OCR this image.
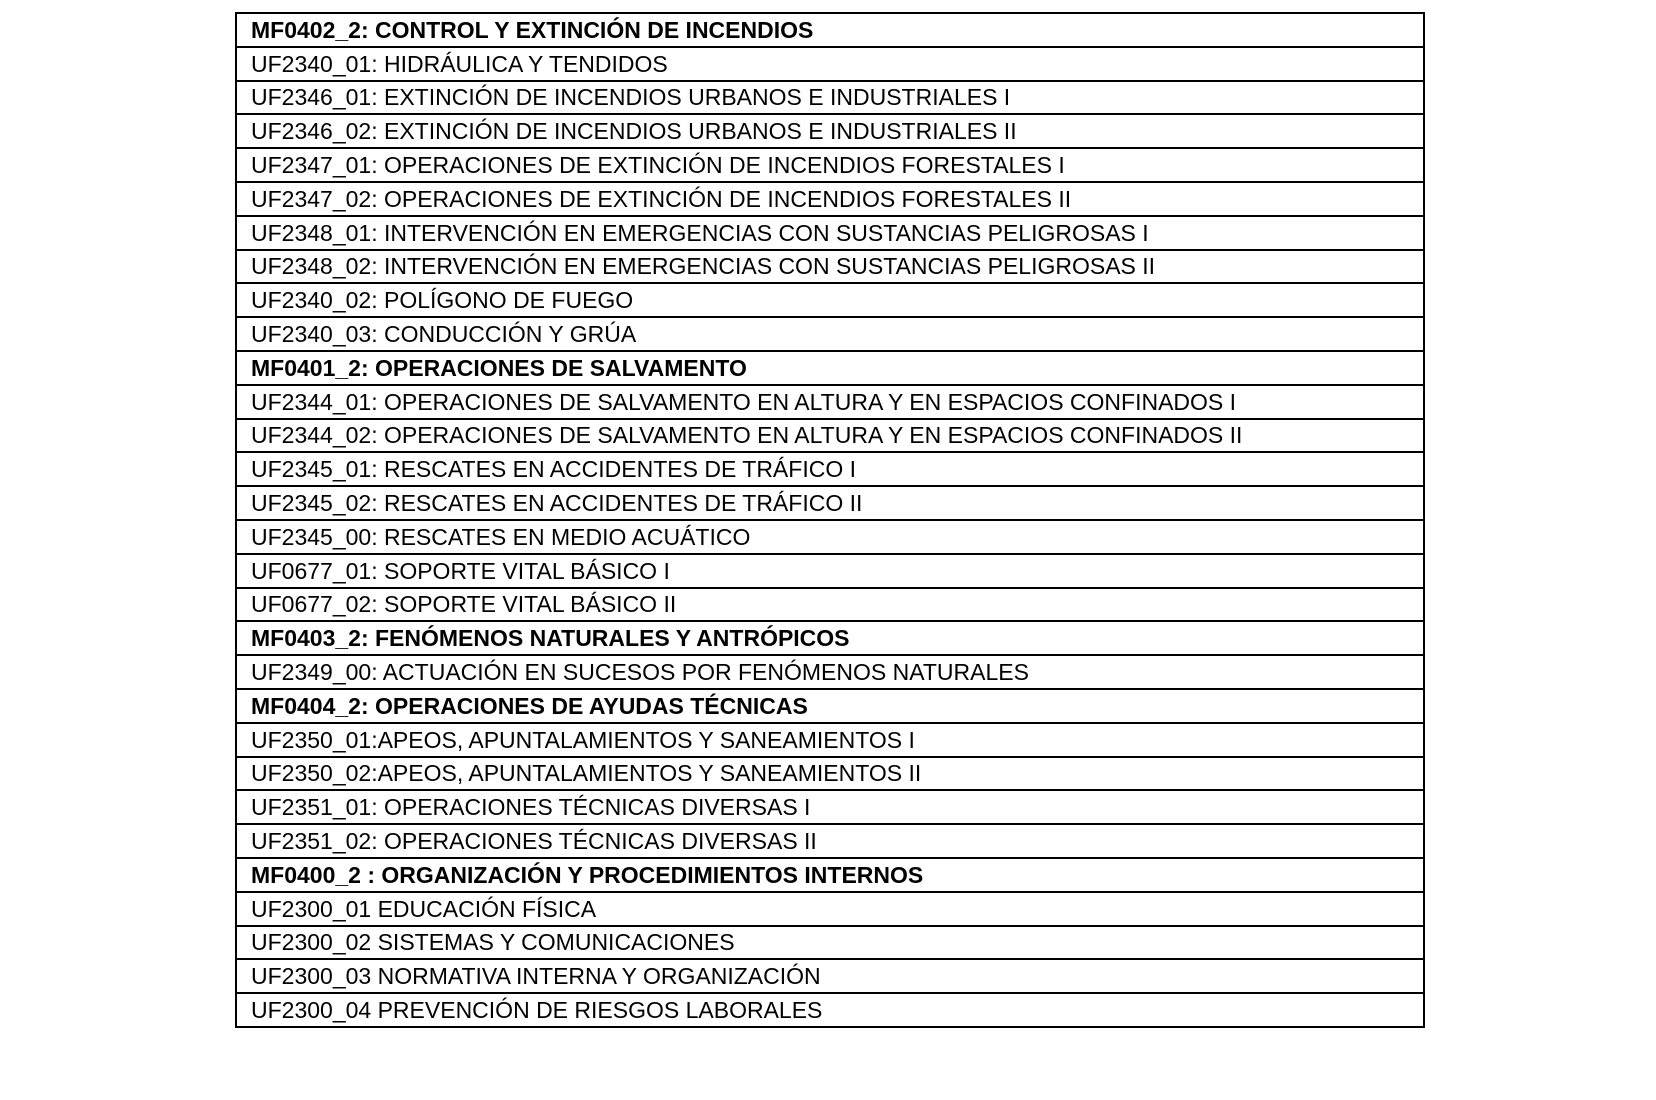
MF0402_2: CONTROL Y EXTINCIÓN DE INCENDIOS
UF2340_01: HIDRÁULICA Y TENDIDOS
UF2346_01: EXTINCIÓN DE INCENDIOS URBANOS E INDUSTRIALES I
UF2346_02: EXTINCIÓN DE INCENDIOS URBANOS E INDUSTRIALES II
UF2347_01: OPERACIONES DE EXTINCIÓN DE INCENDIOS FORESTALES I
UF2347_02: OPERACIONES DE EXTINCIÓN DE INCENDIOS FORESTALES II
UF2348_01: INTERVENCIÓN EN EMERGENCIAS CON SUSTANCIAS PELIGROSAS I
UF2348_02: INTERVENCIÓN EN EMERGENCIAS CON SUSTANCIAS PELIGROSAS II
UF2340_02: POLÍGONO DE FUEGO
UF2340_03: CONDUCCIÓN Y GRÚA
MF0401_2: OPERACIONES DE SALVAMENTO
UF2344_01: OPERACIONES DE SALVAMENTO EN ALTURA Y EN ESPACIOS CONFINADOS I
UF2344_02: OPERACIONES DE SALVAMENTO EN ALTURA Y EN ESPACIOS CONFINADOS II
UF2345_01: RESCATES EN ACCIDENTES DE TRÁFICO I
UF2345_02: RESCATES EN ACCIDENTES DE TRÁFICO II
UF2345_00: RESCATES EN MEDIO ACUÁTICO
UF0677_01: SOPORTE VITAL BÁSICO I
UF0677_02: SOPORTE VITAL BÁSICO II
MF0403_2: FENÓMENOS NATURALES Y ANTRÓPICOS
UF2349_00: ACTUACIÓN EN SUCESOS POR FENÓMENOS NATURALES
MF0404_2: OPERACIONES DE AYUDAS TÉCNICAS
UF2350_01:APEOS, APUNTALAMIENTOS Y SANEAMIENTOS I
UF2350_02:APEOS, APUNTALAMIENTOS Y SANEAMIENTOS II
UF2351_01: OPERACIONES TÉCNICAS DIVERSAS I
UF2351_02: OPERACIONES TÉCNICAS DIVERSAS II
MF0400_2 : ORGANIZACIÓN Y PROCEDIMIENTOS INTERNOS
UF2300_01 EDUCACIÓN FÍSICA
UF2300_02 SISTEMAS Y COMUNICACIONES
UF2300_03 NORMATIVA INTERNA Y ORGANIZACIÓN
UF2300_04 PREVENCIÓN DE RIESGOS LABORALES
